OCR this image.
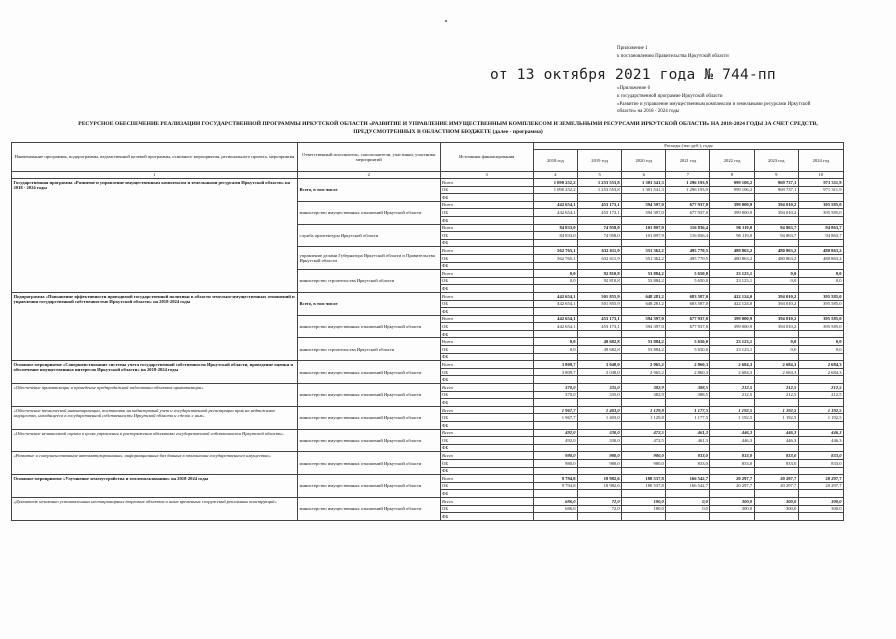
Приложение 1
к постановлению Правительства Иркутской области
от 13 октября 2021 года № 744-пп
«Приложение 6
к государственной программе Иркутской области
«Развитие и управление имущественным комплексом и земельными ресурсами Иркутской
области» на 2018 - 2024 годы
РЕСУРСНОЕ ОБЕСПЕЧЕНИЕ РЕАЛИЗАЦИИ ГОСУДАРСТВЕННОЙ ПРОГРАММЫ ИРКУТСКОЙ ОБЛАСТИ «РАЗВИТИЕ И УПРАВЛЕНИЕ ИМУЩЕСТВЕННЫМ КОМПЛЕКСОМ И ЗЕМЕЛЬНЫМИ РЕСУРСАМИ ИРКУТСКОЙ ОБЛАСТИ» НА 2018-2024 ГОДЫ ЗА СЧЕТ СРЕДСТВ,
ПРЕДУСМОТРЕННЫХ В ОБЛАСТНОМ БЮДЖЕТЕ (далее - программа)
Наименование программы, подпрограммы, ведомственной целевой программы, основного мероприятия, регионального проекта, мероприятия	Ответственный исполнитель, соисполнители, участники, участники мероприятий	Источники финансирования	Расходы (тыс.руб.), годы						
			2018 год	2019 год	2020 год	2021 год	2022 год	2023 год	2024 год
1	2	3	4	5	6	7	8	9	10
Государственная программа «Развитие и управление имущественным комплексом и земельными ресурсами Иркутской области» на 2018 - 2024 годы	Всего, в том числе	Всего	1 090 252,2	1 253 553,8	1 301 541,3	1 296 193,9	999 106,2	969 737,1	971 311,9
		ОБ	1 090 252,2	1 253 553,8	1 301 541,3	1 296 193,9	999 106,2	969 737,1	971 311,9
		ФБ							
	министерство имущественных отношений Иркутской области	Всего	442 654,1	453 173,1	594 397,0	677 937,0	399 000,9	394 010,2	395 585,0
		ОБ	442 654,1	453 173,1	594 397,0	677 937,0	399 000,9	394 010,2	395 585,0
		ФБ							
	служба архитектуры Иркутской области	Всего	84 833,0	74 958,0	101 897,9	116 836,4	96 119,0	94 863,7	94 863,7
		ОБ	84 833,0	74 958,0	101 897,9	116 836,4	96 119,0	94 863,7	94 863,7
		ФБ							
	управление делами Губернатора Иркутской области и Правительства Иркутской области	Всего	562 765,1	632 611,9	551 362,2	495 770,5	480 863,2	480 863,2	480 863,2
		ОБ	562 765,1	632 611,9	551 362,2	495 770,5	480 863,2	480 863,2	480 863,2
		ФБ							
	министерство строительства Иркутской области	Всего	0,0	92 810,8	53 884,2	5 650,0	23 123,1	0,0	0,0
		ОБ	0,0	92 810,8	53 884,2	5 650,0	23 123,1	0,0	0,0
		ФБ							
Подпрограмма «Повышение эффективности проводимой государственной политики в области земельно-имущественных отношений и управления государственной собственностью Иркутской области» на 2018-2024 годы	Всего, в том числе	Всего	442 654,1	501 855,9	648 281,2	683 587,0	422 124,0	394 010,2	395 585,0
		ОБ	442 654,1	501 855,9	648 281,2	683 587,0	422 124,0	394 010,2	395 585,0
		ФБ							
	министерство имущественных отношений Иркутской области	Всего	442 654,1	453 173,1	594 397,0	677 937,0	399 000,9	394 010,2	395 585,0
		ОБ	442 654,1	453 173,1	594 397,0	677 937,0	399 000,9	394 010,2	395 585,0
		ФБ							
	министерство строительства Иркутской области	Всего	0,0	49 682,8	53 884,2	5 650,0	23 123,1	0,0	0,0
		ОБ	0,0	49 682,8	53 884,2	5 650,0	23 123,1	0,0	0,0
		ФБ							
Основное мероприятие «Совершенствование системы учета государственной собственности Иркутской области, проведение оценки и обеспечение имущественных интересов Иркутской области» на 2018-2024 годы	министерство имущественных отношений Иркутской области	Всего	3 809,7	3 048,0	2 965,2	2 860,3	2 684,3	2 684,3	2 684,3
		ОБ	3 809,7	3 048,0	2 965,2	2 860,3	2 684,3	2 684,3	2 684,3
		ФБ							
«Обеспечение приватизации и проведение предпродажной подготовки объектов приватизации»	министерство имущественных отношений Иркутской области	Всего	370,0	335,0	382,9	388,5	212,5	212,5	212,5
		ОБ	370,0	335,0	382,9	388,5	212,5	212,5	212,5
		ФБ							
«Обеспечение технической инвентаризации, постановки на кадастровый учет и государственной регистрации прав на недвижимое имущество, находящееся в государственной собственности Иркутской области и сделок с ним»	министерство имущественных отношений Иркутской области	Всего	1 967,7	1 403,0	1 129,8	1 177,5	1 192,5	1 192,5	1 192,5
		ОБ	1 967,7	1 403,0	1 129,8	1 177,5	1 192,5	1 192,5	1 192,5
		ФБ							
«Обеспечение независимой оценки в целях управления и распоряжения объектами государственной собственности Иркутской области»	министерство имущественных отношений Иркутской области	Всего	492,0	330,0	472,5	461,3	446,3	446,3	446,3
		ОБ	492,0	330,0	472,5	461,3	446,3	446,3	446,3
		ФБ							
«Развитие и совершенствование автоматизированных, информационных баз данных в отношении государственного имущества»	министерство имущественных отношений Иркутской области	Всего	980,0	980,0	980,0	833,0	833,0	833,0	833,0
		ОБ	980,0	980,0	980,0	833,0	833,0	833,0	833,0
		ФБ							
Основное мероприятие «Улучшение землеустройства и землепользования» на 2018-2024 годы	министерство имущественных отношений Иркутской области	Всего	9 794,8	18 982,6	180 537,8	166 542,7	20 297,7	20 297,7	20 297,7
		ОБ	9 794,8	18 982,6	180 537,8	166 542,7	20 297,7	20 297,7	20 297,7
		ФБ							
«Демонтаж незаконно установленных нестационарных торговых объектов и иных временных сооружений рекламных конструкций»	министерство имущественных отношений Иркутской области	Всего	686,0	72,0	180,0	0,0	300,0	300,0	300,0
		ОБ	686,0	72,0	180,0	0,0	300,0	300,0	300,0
		ФБ							
